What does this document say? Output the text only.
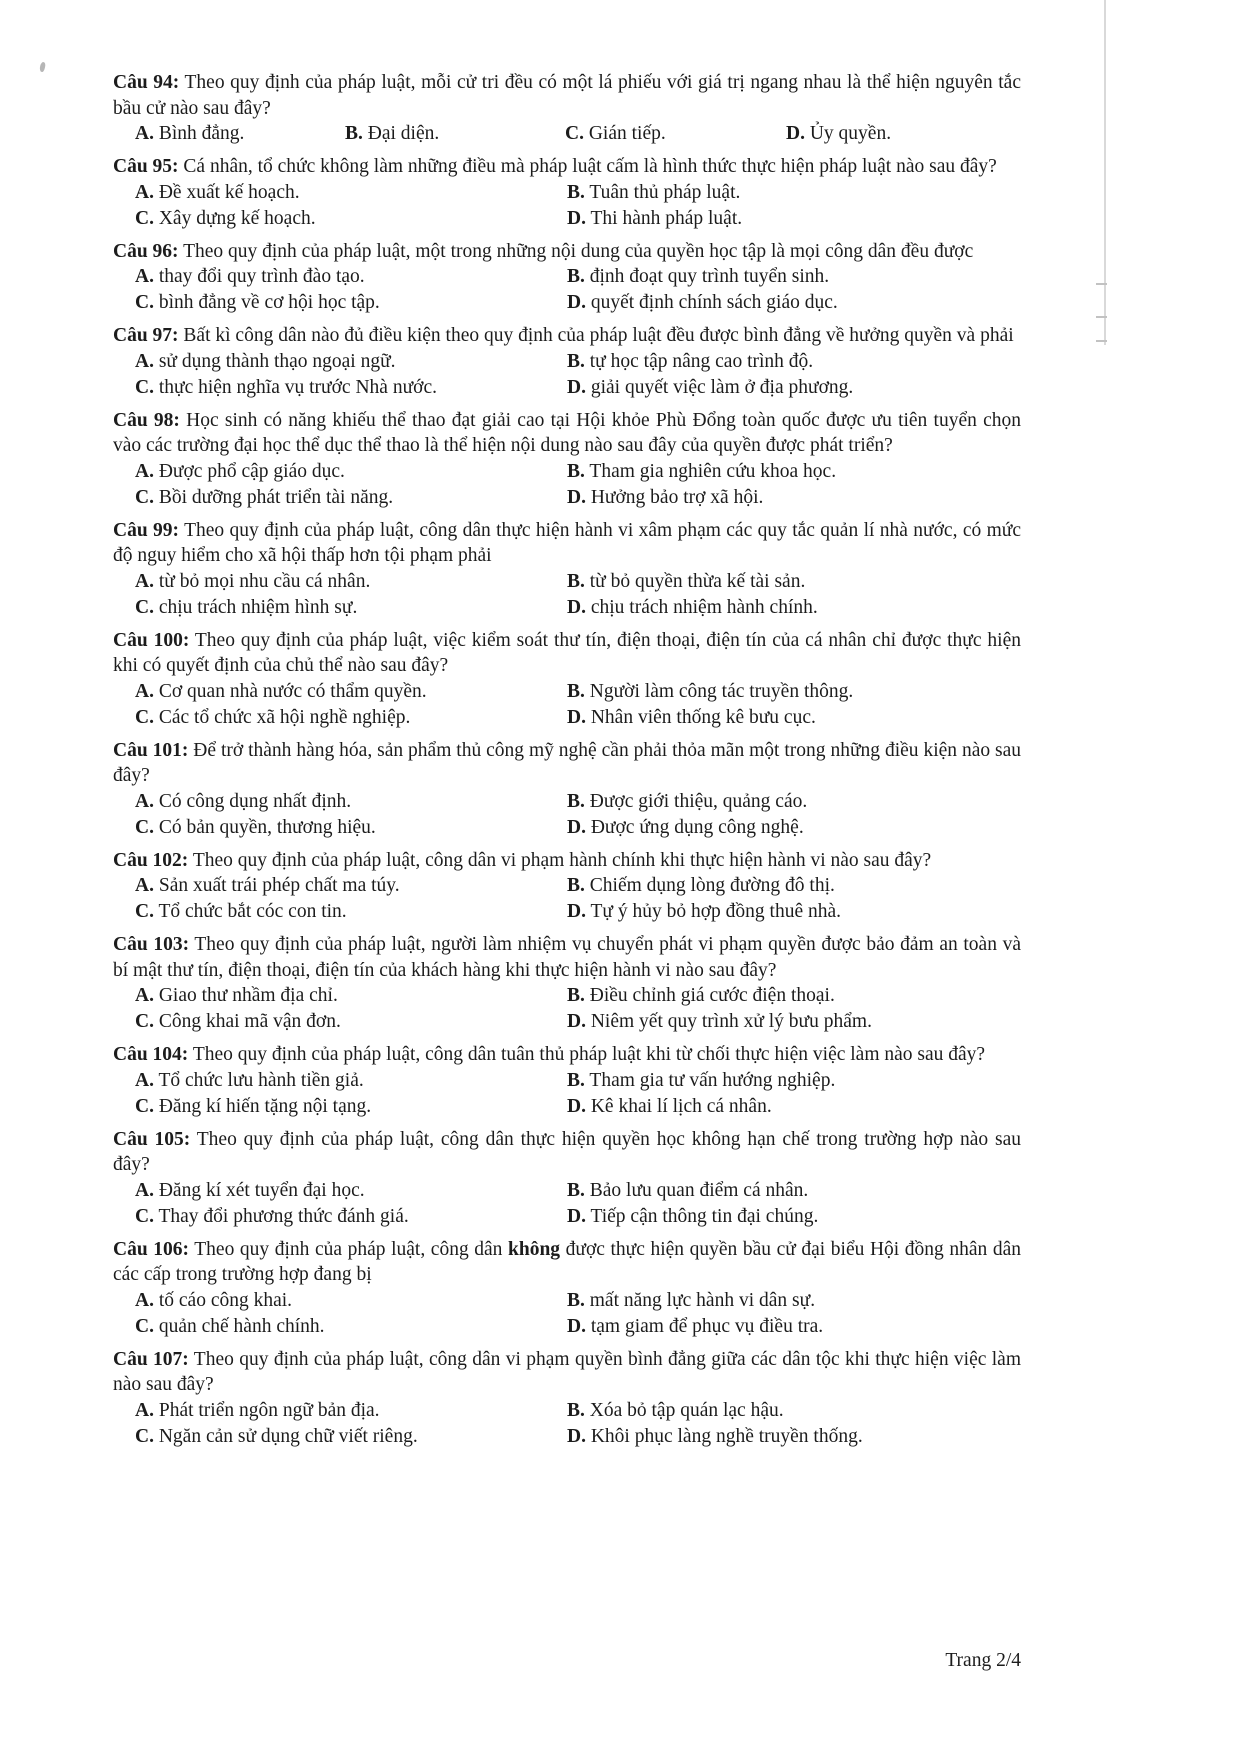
Câu 94: Theo quy định của pháp luật, mỗi cử tri đều có một lá phiếu với giá trị ngang nhau là thể hiện nguyên tắc bầu cử nào sau đây?

A. Bình đẳng.	B. Đại diện.	C. Gián tiếp.	D. Ủy quyền.

Câu 95: Cá nhân, tổ chức không làm những điều mà pháp luật cấm là hình thức thực hiện pháp luật nào sau đây?

A. Đề xuất kế hoạch.	B. Tuân thủ pháp luật.
C. Xây dựng kế hoạch.	D. Thi hành pháp luật.

Câu 96: Theo quy định của pháp luật, một trong những nội dung của quyền học tập là mọi công dân đều được

A. thay đổi quy trình đào tạo.	B. định đoạt quy trình tuyển sinh.
C. bình đẳng về cơ hội học tập.	D. quyết định chính sách giáo dục.

Câu 97: Bất kì công dân nào đủ điều kiện theo quy định của pháp luật đều được bình đẳng về hưởng quyền và phải

A. sử dụng thành thạo ngoại ngữ.	B. tự học tập nâng cao trình độ.
C. thực hiện nghĩa vụ trước Nhà nước.	D. giải quyết việc làm ở địa phương.

Câu 98: Học sinh có năng khiếu thể thao đạt giải cao tại Hội khỏe Phù Đổng toàn quốc được ưu tiên tuyển chọn vào các trường đại học thể dục thể thao là thể hiện nội dung nào sau đây của quyền được phát triển?

A. Được phổ cập giáo dục.	B. Tham gia nghiên cứu khoa học.
C. Bồi dưỡng phát triển tài năng.	D. Hưởng bảo trợ xã hội.

Câu 99: Theo quy định của pháp luật, công dân thực hiện hành vi xâm phạm các quy tắc quản lí nhà nước, có mức độ nguy hiểm cho xã hội thấp hơn tội phạm phải

A. từ bỏ mọi nhu cầu cá nhân.	B. từ bỏ quyền thừa kế tài sản.
C. chịu trách nhiệm hình sự.	D. chịu trách nhiệm hành chính.

Câu 100: Theo quy định của pháp luật, việc kiểm soát thư tín, điện thoại, điện tín của cá nhân chỉ được thực hiện khi có quyết định của chủ thể nào sau đây?

A. Cơ quan nhà nước có thẩm quyền.	B. Người làm công tác truyền thông.
C. Các tổ chức xã hội nghề nghiệp.	D. Nhân viên thống kê bưu cục.

Câu 101: Để trở thành hàng hóa, sản phẩm thủ công mỹ nghệ cần phải thỏa mãn một trong những điều kiện nào sau đây?

A. Có công dụng nhất định.	B. Được giới thiệu, quảng cáo.
C. Có bản quyền, thương hiệu.	D. Được ứng dụng công nghệ.

Câu 102: Theo quy định của pháp luật, công dân vi phạm hành chính khi thực hiện hành vi nào sau đây?

A. Sản xuất trái phép chất ma túy.	B. Chiếm dụng lòng đường đô thị.
C. Tổ chức bắt cóc con tin.	D. Tự ý hủy bỏ hợp đồng thuê nhà.

Câu 103: Theo quy định của pháp luật, người làm nhiệm vụ chuyển phát vi phạm quyền được bảo đảm an toàn và bí mật thư tín, điện thoại, điện tín của khách hàng khi thực hiện hành vi nào sau đây?

A. Giao thư nhầm địa chỉ.	B. Điều chỉnh giá cước điện thoại.
C. Công khai mã vận đơn.	D. Niêm yết quy trình xử lý bưu phẩm.

Câu 104: Theo quy định của pháp luật, công dân tuân thủ pháp luật khi từ chối thực hiện việc làm nào sau đây?

A. Tổ chức lưu hành tiền giả.	B. Tham gia tư vấn hướng nghiệp.
C. Đăng kí hiến tặng nội tạng.	D. Kê khai lí lịch cá nhân.

Câu 105: Theo quy định của pháp luật, công dân thực hiện quyền học không hạn chế trong trường hợp nào sau đây?

A. Đăng kí xét tuyển đại học.	B. Bảo lưu quan điểm cá nhân.
C. Thay đổi phương thức đánh giá.	D. Tiếp cận thông tin đại chúng.

Câu 106: Theo quy định của pháp luật, công dân không được thực hiện quyền bầu cử đại biểu Hội đồng nhân dân các cấp trong trường hợp đang bị

A. tố cáo công khai.	B. mất năng lực hành vi dân sự.
C. quản chế hành chính.	D. tạm giam để phục vụ điều tra.

Câu 107: Theo quy định của pháp luật, công dân vi phạm quyền bình đẳng giữa các dân tộc khi thực hiện việc làm nào sau đây?

A. Phát triển ngôn ngữ bản địa.	B. Xóa bỏ tập quán lạc hậu.
C. Ngăn cản sử dụng chữ viết riêng.	D. Khôi phục làng nghề truyền thống.
Trang 2/4
